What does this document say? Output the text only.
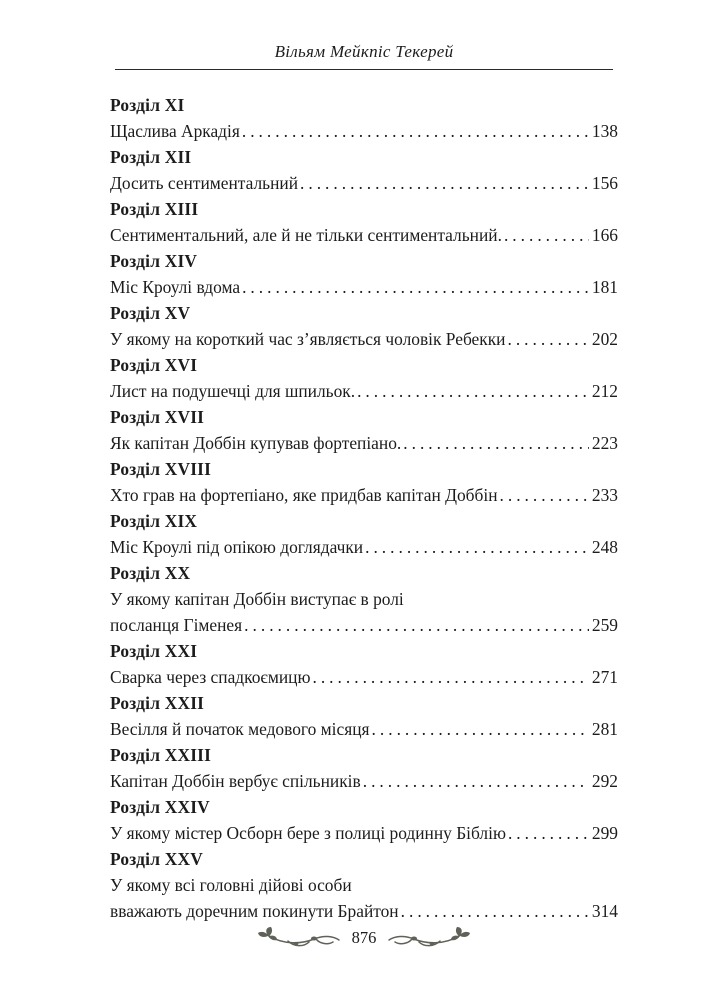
Вільям Мейкпіс Текерей
Розділ XI
Щаслива Аркадія .....	138
Розділ XII
Досить сентиментальний .....	156
Розділ XIII
Сентиментальний, але й не тільки сентиментальний. .....	166
Розділ XIV
Міс Кроулі вдома .....	181
Розділ XV
У якому на короткий час з’являється чоловік Ребекки .....	202
Розділ XVI
Лист на подушечці для шпильок. .....	212
Розділ XVII
Як капітан Доббін купував фортепіано. .....	223
Розділ XVIII
Хто грав на фортепіано, яке придбав капітан Доббін .....	233
Розділ XIX
Міс Кроулі під опікою доглядачки .....	248
Розділ XX
У якому капітан Доббін виступає в ролі
посланця Гіменея .....	259
Розділ XXI
Сварка через спадкоємицю .....	271
Розділ XXII
Весілля й початок медового місяця .....	281
Розділ XXIII
Капітан Доббін вербує спільників .....	292
Розділ XXIV
У якому містер Осборн бере з полиці родинну Біблію .....	299
Розділ XXV
У якому всі головні дійові особи
вважають доречним покинути Брайтон .....	314
876
